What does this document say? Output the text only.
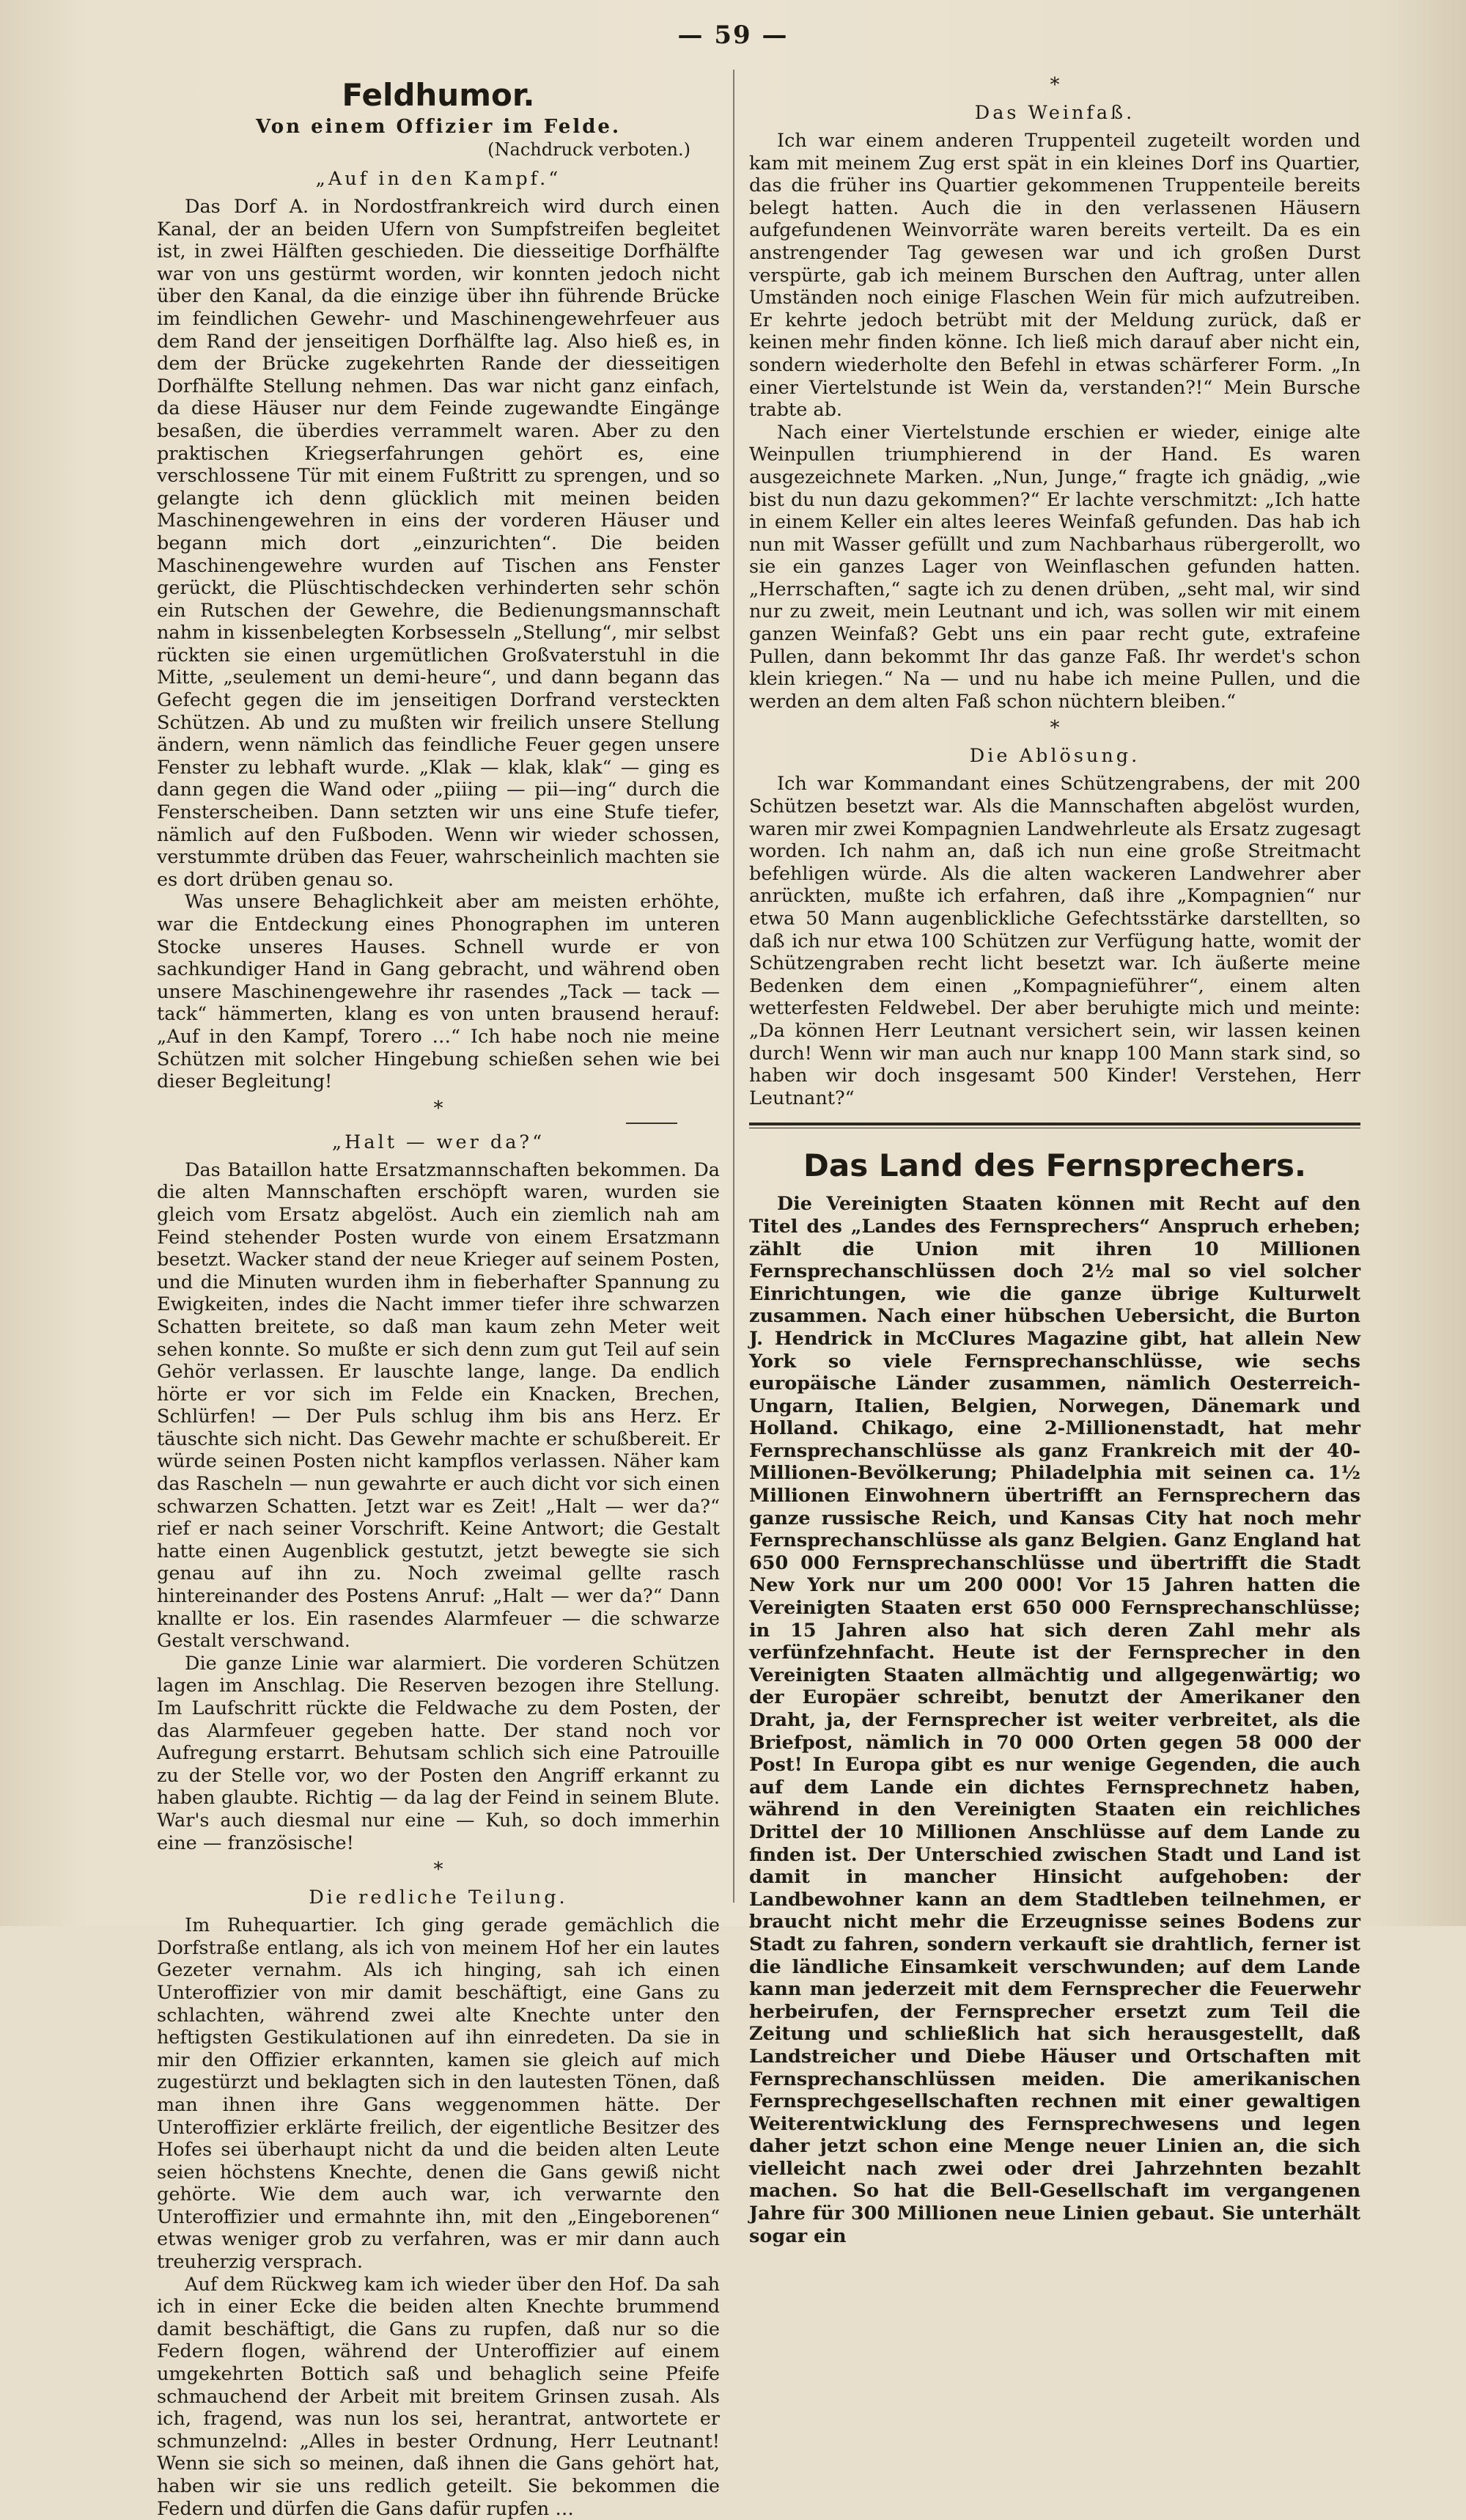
— 59 —
Feldhumor.
Von einem Offizier im Felde.
(Nachdruck verboten.)
„Auf in den Kampf.“

Das Dorf A. in Nordostfrankreich wird durch einen Kanal, der an beiden Ufern von Sumpfstreifen begleitet ist, in zwei Hälften geschieden. Die diesseitige Dorfhälfte war von uns gestürmt worden, wir konnten jedoch nicht über den Kanal, da die einzige über ihn führende Brücke im feindlichen Gewehr- und Maschinengewehrfeuer aus dem Rand der jenseitigen Dorfhälfte lag. Also hieß es, in dem der Brücke zugekehrten Rande der diesseitigen Dorfhälfte Stellung nehmen. Das war nicht ganz einfach, da diese Häuser nur dem Feinde zugewandte Eingänge besaßen, die überdies verrammelt waren. Aber zu den praktischen Kriegserfahrungen gehört es, eine verschlossene Tür mit einem Fußtritt zu sprengen, und so gelangte ich denn glücklich mit meinen beiden Maschinengewehren in eins der vorderen Häuser und begann mich dort „einzurichten“. Die beiden Maschinengewehre wurden auf Tischen ans Fenster gerückt, die Plüschtischdecken verhinderten sehr schön ein Rutschen der Gewehre, die Bedienungsmannschaft nahm in kissenbelegten Korbsesseln „Stellung“, mir selbst rückten sie einen urgemütlichen Großvaterstuhl in die Mitte, „seulement un demi-heure“, und dann begann das Gefecht gegen die im jenseitigen Dorfrand versteckten Schützen. Ab und zu mußten wir freilich unsere Stellung ändern, wenn nämlich das feindliche Feuer gegen unsere Fenster zu lebhaft wurde. „Klak — klak, klak“ — ging es dann gegen die Wand oder „piiing — pii—ing“ durch die Fensterscheiben. Dann setzten wir uns eine Stufe tiefer, nämlich auf den Fußboden. Wenn wir wieder schossen, verstummte drüben das Feuer, wahrscheinlich machten sie es dort drüben genau so.

Was unsere Behaglichkeit aber am meisten erhöhte, war die Entdeckung eines Phonographen im unteren Stocke unseres Hauses. Schnell wurde er von sachkundiger Hand in Gang gebracht, und während oben unsere Maschinengewehre ihr rasendes „Tack — tack — tack“ hämmerten, klang es von unten brausend herauf: „Auf in den Kampf, Torero …“ Ich habe noch nie meine Schützen mit solcher Hingebung schießen sehen wie bei dieser Begleitung!

*
„Halt — wer da?“

Das Bataillon hatte Ersatzmannschaften bekommen. Da die alten Mannschaften erschöpft waren, wurden sie gleich vom Ersatz abgelöst. Auch ein ziemlich nah am Feind stehender Posten wurde von einem Ersatzmann besetzt. Wacker stand der neue Krieger auf seinem Posten, und die Minuten wurden ihm in fieberhafter Spannung zu Ewigkeiten, indes die Nacht immer tiefer ihre schwarzen Schatten breitete, so daß man kaum zehn Meter weit sehen konnte. So mußte er sich denn zum gut Teil auf sein Gehör verlassen. Er lauschte lange, lange. Da endlich hörte er vor sich im Felde ein Knacken, Brechen, Schlürfen! — Der Puls schlug ihm bis ans Herz. Er täuschte sich nicht. Das Gewehr machte er schußbereit. Er würde seinen Posten nicht kampflos verlassen. Näher kam das Rascheln — nun gewahrte er auch dicht vor sich einen schwarzen Schatten. Jetzt war es Zeit! „Halt — wer da?“ rief er nach seiner Vorschrift. Keine Antwort; die Gestalt hatte einen Augenblick gestutzt, jetzt bewegte sie sich genau auf ihn zu. Noch zweimal gellte rasch hintereinander des Postens Anruf: „Halt — wer da?“ Dann knallte er los. Ein rasendes Alarmfeuer — die schwarze Gestalt verschwand.

Die ganze Linie war alarmiert. Die vorderen Schützen lagen im Anschlag. Die Reserven bezogen ihre Stellung. Im Laufschritt rückte die Feldwache zu dem Posten, der das Alarmfeuer gegeben hatte. Der stand noch vor Aufregung erstarrt. Behutsam schlich sich eine Patrouille zu der Stelle vor, wo der Posten den Angriff erkannt zu haben glaubte. Richtig — da lag der Feind in seinem Blute. War's auch diesmal nur eine — Kuh, so doch immerhin eine — französische!

*
Die redliche Teilung.

Im Ruhequartier. Ich ging gerade gemächlich die Dorfstraße entlang, als ich von meinem Hof her ein lautes Gezeter vernahm. Als ich hinging, sah ich einen Unteroffizier von mir damit beschäftigt, eine Gans zu schlachten, während zwei alte Knechte unter den heftigsten Gestikulationen auf ihn einredeten. Da sie in mir den Offizier erkannten, kamen sie gleich auf mich zugestürzt und beklagten sich in den lautesten Tönen, daß man ihnen ihre Gans weggenommen hätte. Der Unteroffizier erklärte freilich, der eigentliche Besitzer des Hofes sei überhaupt nicht da und die beiden alten Leute seien höchstens Knechte, denen die Gans gewiß nicht gehörte. Wie dem auch war, ich verwarnte den Unteroffizier und ermahnte ihn, mit den „Eingeborenen“ etwas weniger grob zu verfahren, was er mir dann auch treuherzig versprach.

Auf dem Rückweg kam ich wieder über den Hof. Da sah ich in einer Ecke die beiden alten Knechte brummend damit beschäftigt, die Gans zu rupfen, daß nur so die Federn flogen, während der Unteroffizier auf einem umgekehrten Bottich saß und behaglich seine Pfeife schmauchend der Arbeit mit breitem Grinsen zusah. Als ich, fragend, was nun los sei, herantrat, antwortete er schmunzelnd: „Alles in bester Ordnung, Herr Leutnant! Wenn sie sich so meinen, daß ihnen die Gans gehört hat, haben wir sie uns redlich geteilt. Sie bekommen die Federn und dürfen die Gans dafür rupfen …

*
Das Weinfaß.

Ich war einem anderen Truppenteil zugeteilt worden und kam mit meinem Zug erst spät in ein kleines Dorf ins Quartier, das die früher ins Quartier gekommenen Truppenteile bereits belegt hatten. Auch die in den verlassenen Häusern aufgefundenen Weinvorräte waren bereits verteilt. Da es ein anstrengender Tag gewesen war und ich großen Durst verspürte, gab ich meinem Burschen den Auftrag, unter allen Umständen noch einige Flaschen Wein für mich aufzutreiben. Er kehrte jedoch betrübt mit der Meldung zurück, daß er keinen mehr finden könne. Ich ließ mich darauf aber nicht ein, sondern wiederholte den Befehl in etwas schärferer Form. „In einer Viertelstunde ist Wein da, verstanden?!“ Mein Bursche trabte ab.

Nach einer Viertelstunde erschien er wieder, einige alte Weinpullen triumphierend in der Hand. Es waren ausgezeichnete Marken. „Nun, Junge,“ fragte ich gnädig, „wie bist du nun dazu gekommen?“ Er lachte verschmitzt: „Ich hatte in einem Keller ein altes leeres Weinfaß gefunden. Das hab ich nun mit Wasser gefüllt und zum Nachbarhaus rübergerollt, wo sie ein ganzes Lager von Weinflaschen gefunden hatten. „Herrschaften,“ sagte ich zu denen drüben, „seht mal, wir sind nur zu zweit, mein Leutnant und ich, was sollen wir mit einem ganzen Weinfaß? Gebt uns ein paar recht gute, extrafeine Pullen, dann bekommt Ihr das ganze Faß. Ihr werdet's schon klein kriegen.“ Na — und nu habe ich meine Pullen, und die werden an dem alten Faß schon nüchtern bleiben.“

*
Die Ablösung.

Ich war Kommandant eines Schützengrabens, der mit 200 Schützen besetzt war. Als die Mannschaften abgelöst wurden, waren mir zwei Kompagnien Landwehrleute als Ersatz zugesagt worden. Ich nahm an, daß ich nun eine große Streitmacht befehligen würde. Als die alten wackeren Landwehrer aber anrückten, mußte ich erfahren, daß ihre „Kompagnien“ nur etwa 50 Mann augenblickliche Gefechtsstärke darstellten, so daß ich nur etwa 100 Schützen zur Verfügung hatte, womit der Schützengraben recht licht besetzt war. Ich äußerte meine Bedenken dem einen „Kompagnieführer“, einem alten wetterfesten Feldwebel. Der aber beruhigte mich und meinte: „Da können Herr Leutnant versichert sein, wir lassen keinen durch! Wenn wir man auch nur knapp 100 Mann stark sind, so haben wir doch insgesamt 500 Kinder! Verstehen, Herr Leutnant?“

Das Land des Fernsprechers.

Die Vereinigten Staaten können mit Recht auf den Titel des „Landes des Fernsprechers“ Anspruch erheben; zählt die Union mit ihren 10 Millionen Fernsprechanschlüssen doch 2½ mal so viel solcher Einrichtungen, wie die ganze übrige Kulturwelt zusammen. Nach einer hübschen Uebersicht, die Burton J. Hendrick in McClures Magazine gibt, hat allein New York so viele Fernsprechanschlüsse, wie sechs europäische Länder zusammen, nämlich Oesterreich-Ungarn, Italien, Belgien, Norwegen, Dänemark und Holland. Chikago, eine 2-Millionenstadt, hat mehr Fernsprechanschlüsse als ganz Frankreich mit der 40-Millionen-Bevölkerung; Philadelphia mit seinen ca. 1½ Millionen Einwohnern übertrifft an Fernsprechern das ganze russische Reich, und Kansas City hat noch mehr Fernsprechanschlüsse als ganz Belgien. Ganz England hat 650 000 Fernsprechanschlüsse und übertrifft die Stadt New York nur um 200 000! Vor 15 Jahren hatten die Vereinigten Staaten erst 650 000 Fernsprechanschlüsse; in 15 Jahren also hat sich deren Zahl mehr als verfünfzehnfacht. Heute ist der Fernsprecher in den Vereinigten Staaten allmächtig und allgegenwärtig; wo der Europäer schreibt, benutzt der Amerikaner den Draht, ja, der Fernsprecher ist weiter verbreitet, als die Briefpost, nämlich in 70 000 Orten gegen 58 000 der Post! In Europa gibt es nur wenige Gegenden, die auch auf dem Lande ein dichtes Fernsprechnetz haben, während in den Vereinigten Staaten ein reichliches Drittel der 10 Millionen Anschlüsse auf dem Lande zu finden ist. Der Unterschied zwischen Stadt und Land ist damit in mancher Hinsicht aufgehoben: der Landbewohner kann an dem Stadtleben teilnehmen, er braucht nicht mehr die Erzeugnisse seines Bodens zur Stadt zu fahren, sondern verkauft sie drahtlich, ferner ist die ländliche Einsamkeit verschwunden; auf dem Lande kann man jederzeit mit dem Fernsprecher die Feuerwehr herbeirufen, der Fernsprecher ersetzt zum Teil die Zeitung und schließlich hat sich herausgestellt, daß Landstreicher und Diebe Häuser und Ortschaften mit Fernsprechanschlüssen meiden. Die amerikanischen Fernsprechgesellschaften rechnen mit einer gewaltigen Weiterentwicklung des Fernsprechwesens und legen daher jetzt schon eine Menge neuer Linien an, die sich vielleicht nach zwei oder drei Jahrzehnten bezahlt machen. So hat die Bell-Gesellschaft im vergangenen Jahre für 300 Millionen neue Linien gebaut. Sie unterhält sogar ein
